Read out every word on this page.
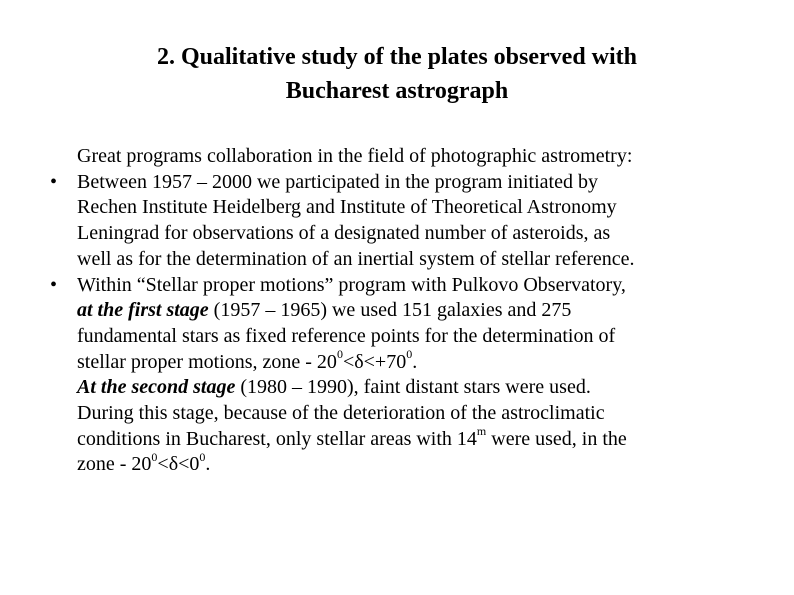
2. Qualitative study of the plates observed with
Bucharest astrograph
Great programs collaboration in the field of photographic astrometry:
• Between 1957 – 2000 we participated in the program initiated by
Rechen Institute Heidelberg and Institute of Theoretical Astronomy
Leningrad for observations of a designated number of asteroids, as
well as for the determination of an inertial system of stellar reference.
• Within “Stellar proper motions” program with Pulkovo Observatory,
at the first stage (1957 – 1965) we used 151 galaxies and 275
fundamental stars as fixed reference points for the determination of
stellar proper motions, zone - $20^0<\delta<+70^0$.
At the second stage (1980 – 1990), faint distant stars were used.
During this stage, because of the deterioration of the astroclimatic
conditions in Bucharest, only stellar areas with 14$^m$ were used, in the
zone - $20^0<\delta<0^0$.
